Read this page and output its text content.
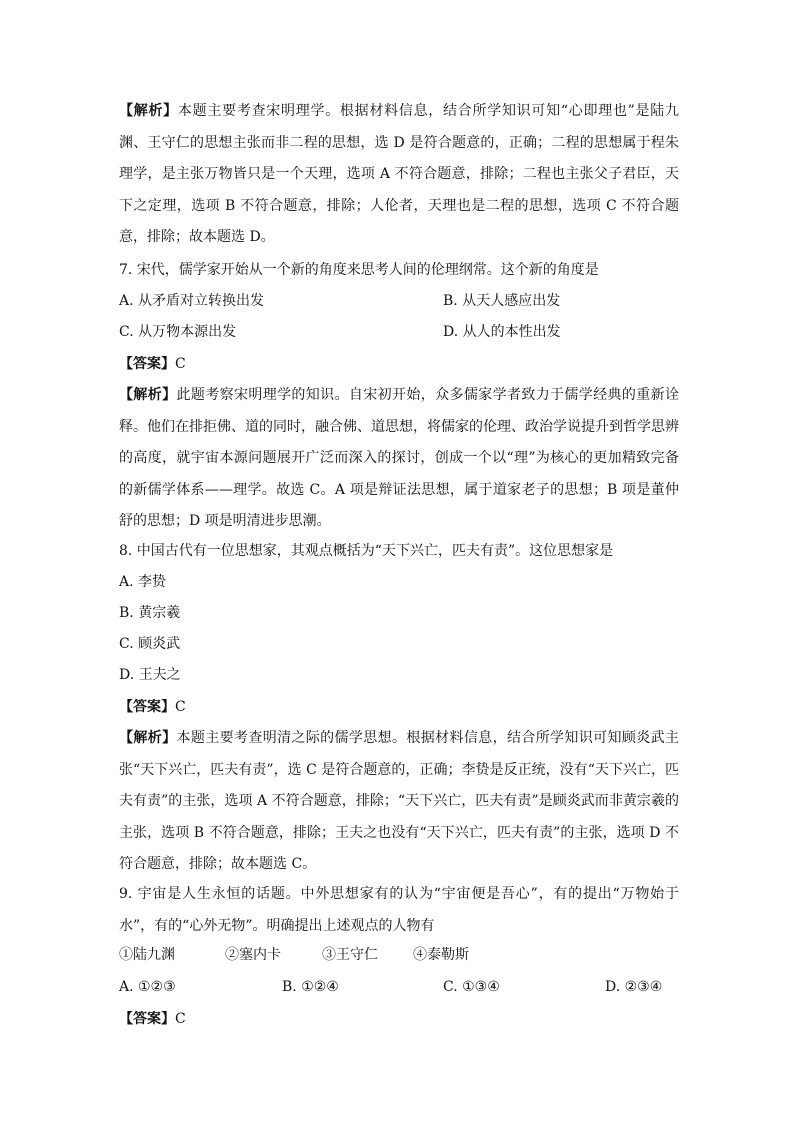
【解析】本题主要考查宋明理学。根据材料信息，结合所学知识可知“心即理也”是陆九渊、王守仁的思想主张而非二程的思想，选 D 是符合题意的，正确；二程的思想属于程朱理学，是主张万物皆只是一个天理，选项 A 不符合题意，排除；二程也主张父子君臣，天下之定理，选项 B 不符合题意，排除；人伦者，天理也是二程的思想，选项 C 不符合题意，排除；故本题选 D。
7. 宋代，儒学家开始从一个新的角度来思考人间的伦理纲常。这个新的角度是
A. 从矛盾对立转换出发	B. 从天人感应出发
C. 从万物本源出发	D. 从人的本性出发
【答案】C
【解析】此题考察宋明理学的知识。自宋初开始，众多儒家学者致力于儒学经典的重新诠释。他们在排拒佛、道的同时，融合佛、道思想，将儒家的伦理、政治学说提升到哲学思辨的高度，就宇宙本源问题展开广泛而深入的探讨，创成一个以“理”为核心的更加精致完备的新儒学体系——理学。故选 C。A 项是辩证法思想，属于道家老子的思想；B 项是董仲舒的思想；D 项是明清进步思潮。
8. 中国古代有一位思想家，其观点概括为“天下兴亡，匹夫有责”。这位思想家是
A. 李贽
B. 黄宗羲
C. 顾炎武
D. 王夫之
【答案】C
【解析】本题主要考查明清之际的儒学思想。根据材料信息，结合所学知识可知顾炎武主张“天下兴亡，匹夫有责”，选 C 是符合题意的，正确；李贽是反正统，没有“天下兴亡，匹夫有责”的主张，选项 A 不符合题意，排除；“天下兴亡，匹夫有责”是顾炎武而非黄宗羲的主张，选项 B 不符合题意，排除；王夫之也没有“天下兴亡，匹夫有责”的主张，选项 D 不符合题意，排除；故本题选 C。
9. 宇宙是人生永恒的话题。中外思想家有的认为“宇宙便是吾心”，有的提出“万物始于水”，有的“心外无物”。明确提出上述观点的人物有
①陆九渊	②塞内卡	③王守仁	④泰勒斯
A. ①②③	B. ①②④	C. ①③④	D. ②③④
【答案】C
